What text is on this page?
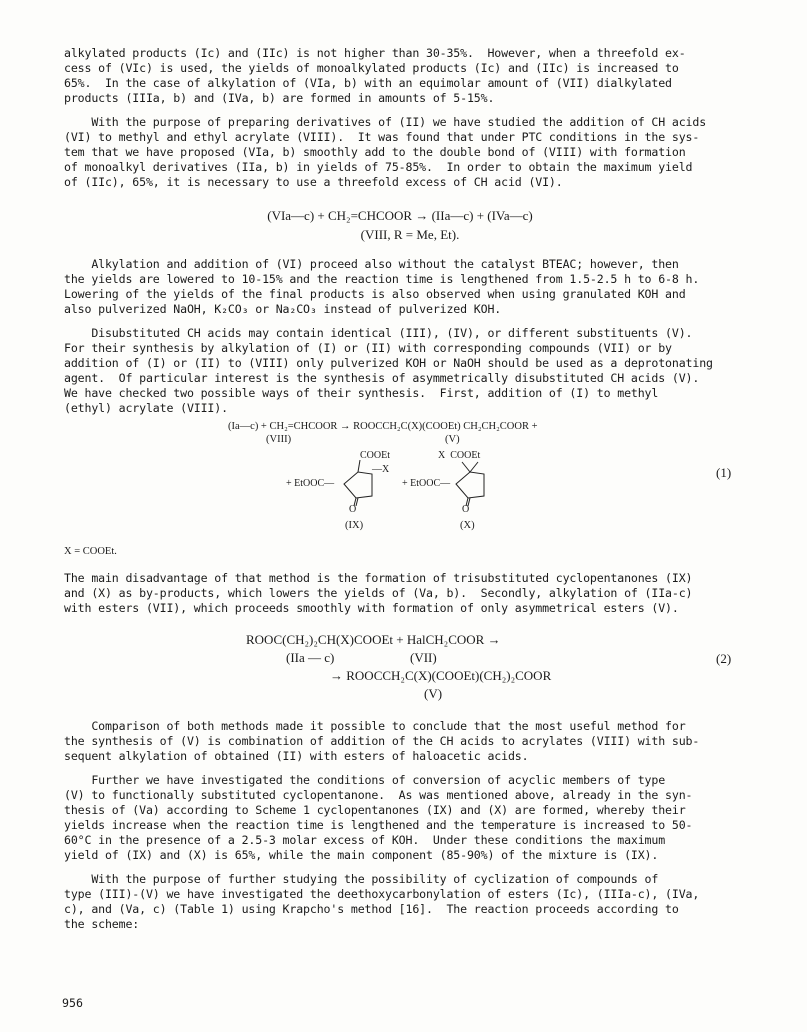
alkylated products (Ic) and (IIc) is not higher than 30-35%.  However, when a threefold ex-

cess of (VIc) is used, the yields of monoalkylated products (Ic) and (IIc) is increased to

65%.  In the case of alkylation of (VIa, b) with an equimolar amount of (VII) dialkylated

products (IIIa, b) and (IVa, b) are formed in amounts of 5-15%.

With the purpose of preparing derivatives of (II) we have studied the addition of CH acids

(VI) to methyl and ethyl acrylate (VIII).  It was found that under PTC conditions in the sys-

tem that we have proposed (VIa, b) smoothly add to the double bond of (VIII) with formation

of monoalkyl derivatives (IIa, b) in yields of 75-85%.  In order to obtain the maximum yield

of (IIc), 65%, it is necessary to use a threefold excess of CH acid (VI).

(VIa—c) + CH₂=CHCOOR → (IIa—c) + (IVa—c)
(VIII, R = Me, Et).

Alkylation and addition of (VI) proceed also without the catalyst BTEAC; however, then

the yields are lowered to 10-15% and the reaction time is lengthened from 1.5-2.5 h to 6-8 h.

Lowering of the yields of the final products is also observed when using granulated KOH and

also pulverized NaOH, K₂CO₃ or Na₂CO₃ instead of pulverized KOH.

Disubstituted CH acids may contain identical (III), (IV), or different substituents (V).

For their synthesis by alkylation of (I) or (II) with corresponding compounds (VII) or by

addition of (I) or (II) to (VIII) only pulverized KOH or NaOH should be used as a deprotonating

agent.  Of particular interest is the synthesis of asymmetrically disubstituted CH acids (V).

We have checked two possible ways of their synthesis.  First, addition of (I) to methyl

(ethyl) acrylate (VIII).

(Ia—c) + CH₂=CHCOOR → ROOCCH₂C(X)(COOEt) CH₂CH₂COOR +
(VIII)	(V)
COOEt	X  COOEt
—X
+ EtOOC—	+ EtOOC—
O	O
(IX)	(X)
(1)
X = COOEt.

The main disadvantage of that method is the formation of trisubstituted cyclopentanones (IX)

and (X) as by-products, which lowers the yields of (Va, b).  Secondly, alkylation of (IIa-c)

with esters (VII), which proceeds smoothly with formation of only asymmetrical esters (V).

ROOC(CH₂)₂CH(X)COOEt + HalCH₂COOR →
(IIa — c)	(VII)
→ ROOCCH₂C(X)(COOEt)(CH₂)₂COOR
(V)
(2)

Comparison of both methods made it possible to conclude that the most useful method for

the synthesis of (V) is combination of addition of the CH acids to acrylates (VIII) with sub-

sequent alkylation of obtained (II) with esters of haloacetic acids.

Further we have investigated the conditions of conversion of acyclic members of type

(V) to functionally substituted cyclopentanone.  As was mentioned above, already in the syn-

thesis of (Va) according to Scheme 1 cyclopentanones (IX) and (X) are formed, whereby their

yields increase when the reaction time is lengthened and the temperature is increased to 50-

60°C in the presence of a 2.5-3 molar excess of KOH.  Under these conditions the maximum

yield of (IX) and (X) is 65%, while the main component (85-90%) of the mixture is (IX).

With the purpose of further studying the possibility of cyclization of compounds of

type (III)-(V) we have investigated the deethoxycarbonylation of esters (Ic), (IIIa-c), (IVa,

c), and (Va, c) (Table 1) using Krapcho's method [16].  The reaction proceeds according to

the scheme:

956
